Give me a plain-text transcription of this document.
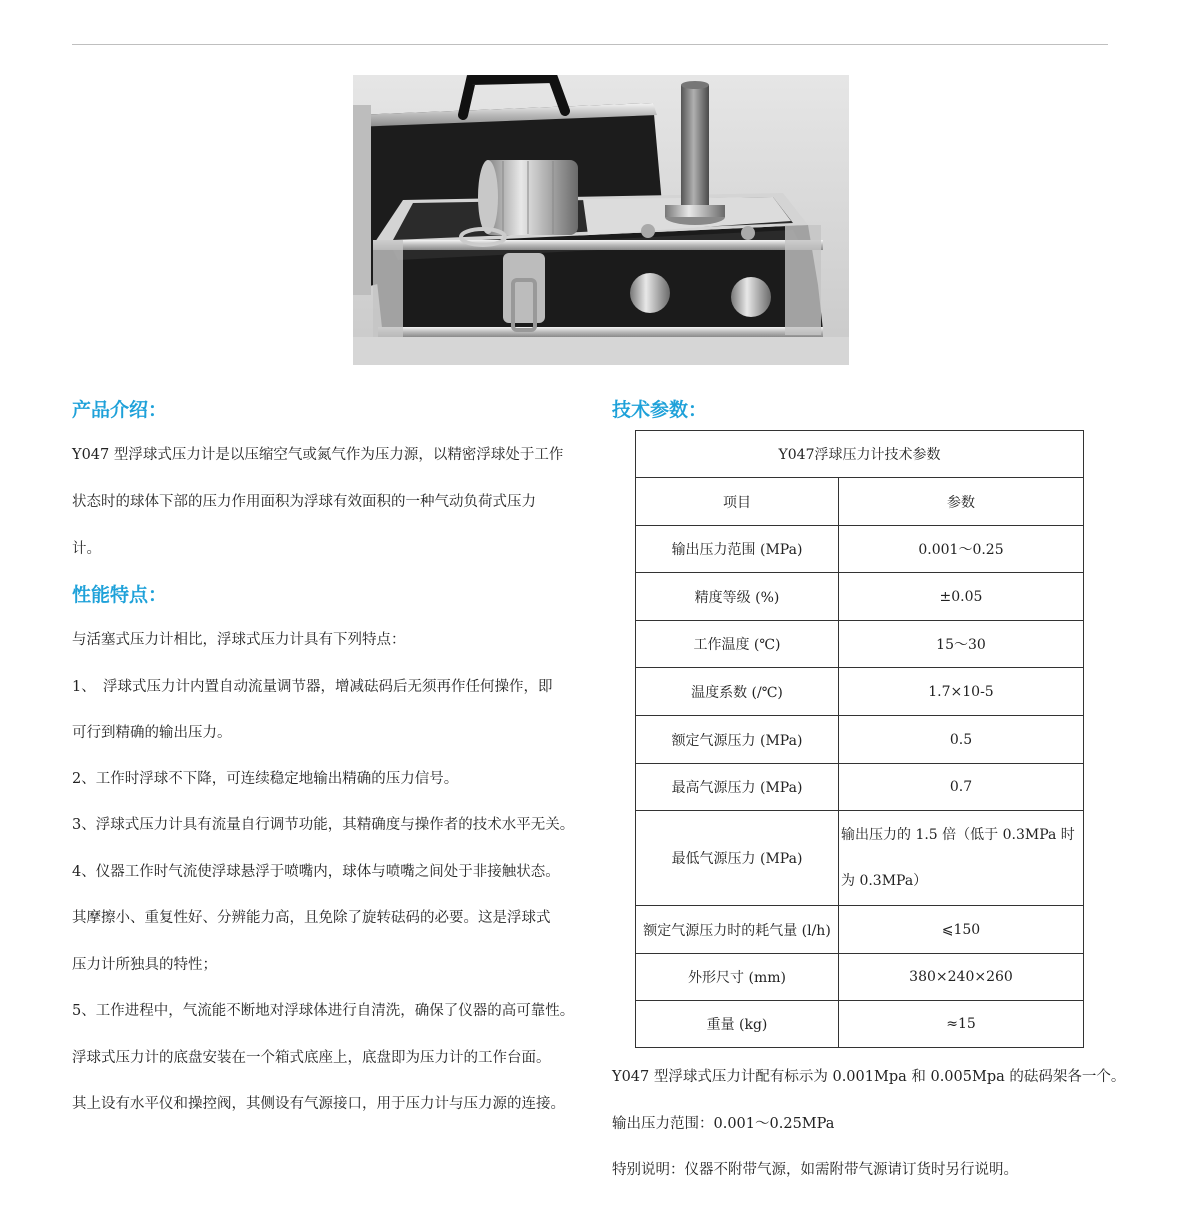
产品介绍：
Y047 型浮球式压力计是以压缩空气或氮气作为压力源，以精密浮球处于工作
状态时的球体下部的压力作用面积为浮球有效面积的一种气动负荷式压力
计。
性能特点：
与活塞式压力计相比，浮球式压力计具有下列特点：
1、　浮球式压力计内置自动流量调节器，增减砝码后无须再作任何操作，即
可行到精确的输出压力。
2、工作时浮球不下降，可连续稳定地输出精确的压力信号。
3、浮球式压力计具有流量自行调节功能，其精确度与操作者的技术水平无关。
4、仪器工作时气流使浮球悬浮于喷嘴内，球体与喷嘴之间处于非接触状态。
其摩擦小、重复性好、分辨能力高，且免除了旋转砝码的必要。这是浮球式
压力计所独具的特性；
5、工作进程中，气流能不断地对浮球体进行自清洗，确保了仪器的高可靠性。
浮球式压力计的底盘安装在一个箱式底座上，底盘即为压力计的工作台面。
其上设有水平仪和操控阀，其侧设有气源接口，用于压力计与压力源的连接。
技术参数：
Y047浮球压力计技术参数	
项目	参数
输出压力范围 (MPa)	0.001～0.25
精度等级 (%)	±0.05
工作温度 (℃)	15～30
温度系数 (/℃)	1.7×10-5
额定气源压力 (MPa)	0.5
最高气源压力 (MPa)	0.7
最低气源压力 (MPa)	输出压力的 1.5 倍（低于 0.3MPa 时为 0.3MPa）
额定气源压力时的耗气量 (l/h)	⩽150
外形尺寸 (mm)	380×240×260
重量 (kg)	≈15
Y047 型浮球式压力计配有标示为 0.001Mpa 和 0.005Mpa 的砝码架各一个。
输出压力范围：0.001～0.25MPa
特别说明：仪器不附带气源，如需附带气源请订货时另行说明。
